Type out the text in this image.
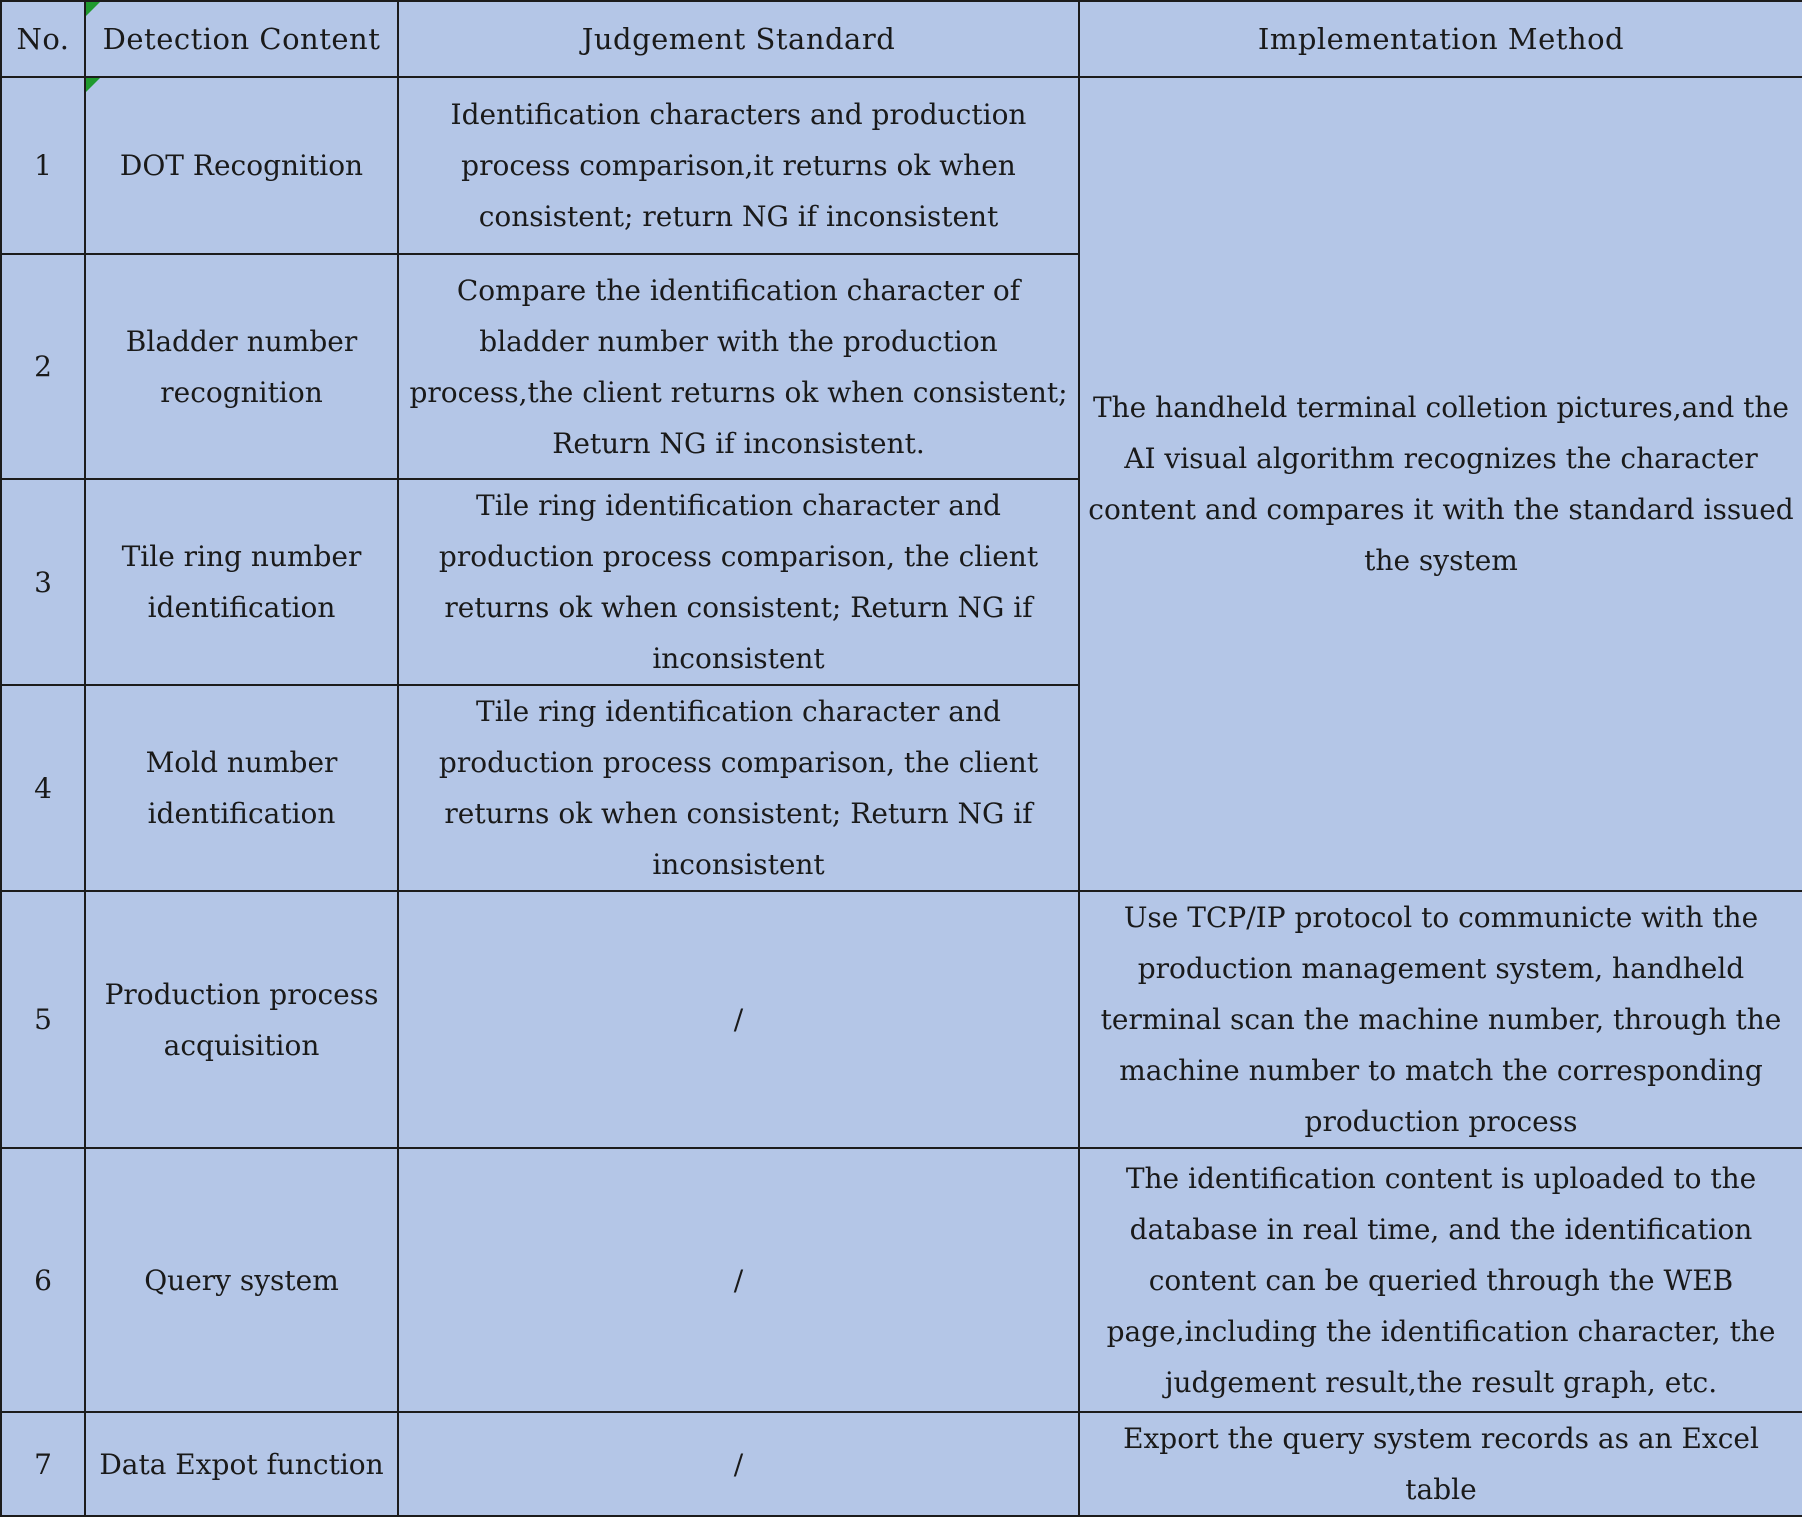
No.	Detection Content	Judgement Standard	Implementation Method
1	DOT Recognition	Identification characters and production process comparison,it returns ok when consistent; return NG if inconsistent	The handheld terminal colletion pictures,and the AI visual algorithm recognizes the character content and compares it with the standard issued the system
2	Bladder number recognition	Compare the identification character of bladder number with the production process,the client returns ok when consistent; Return NG if inconsistent.	
3	Tile ring number identification	Tile ring identification character and production process comparison, the client returns ok when consistent; Return NG if inconsistent	
4	Mold number identification	Tile ring identification character and production process comparison, the client returns ok when consistent; Return NG if inconsistent	
5	Production process acquisition	/	Use TCP/IP protocol to communicte with the production management system, handheld terminal scan the machine number, through the machine number to match the corresponding production process
6	Query system	/	The identification content is uploaded to the database in real time, and the identification content can be queried through the WEB page,including the identification character, the judgement result,the result graph, etc.
7	Data Expot function	/	Export the query system records as an Excel table
